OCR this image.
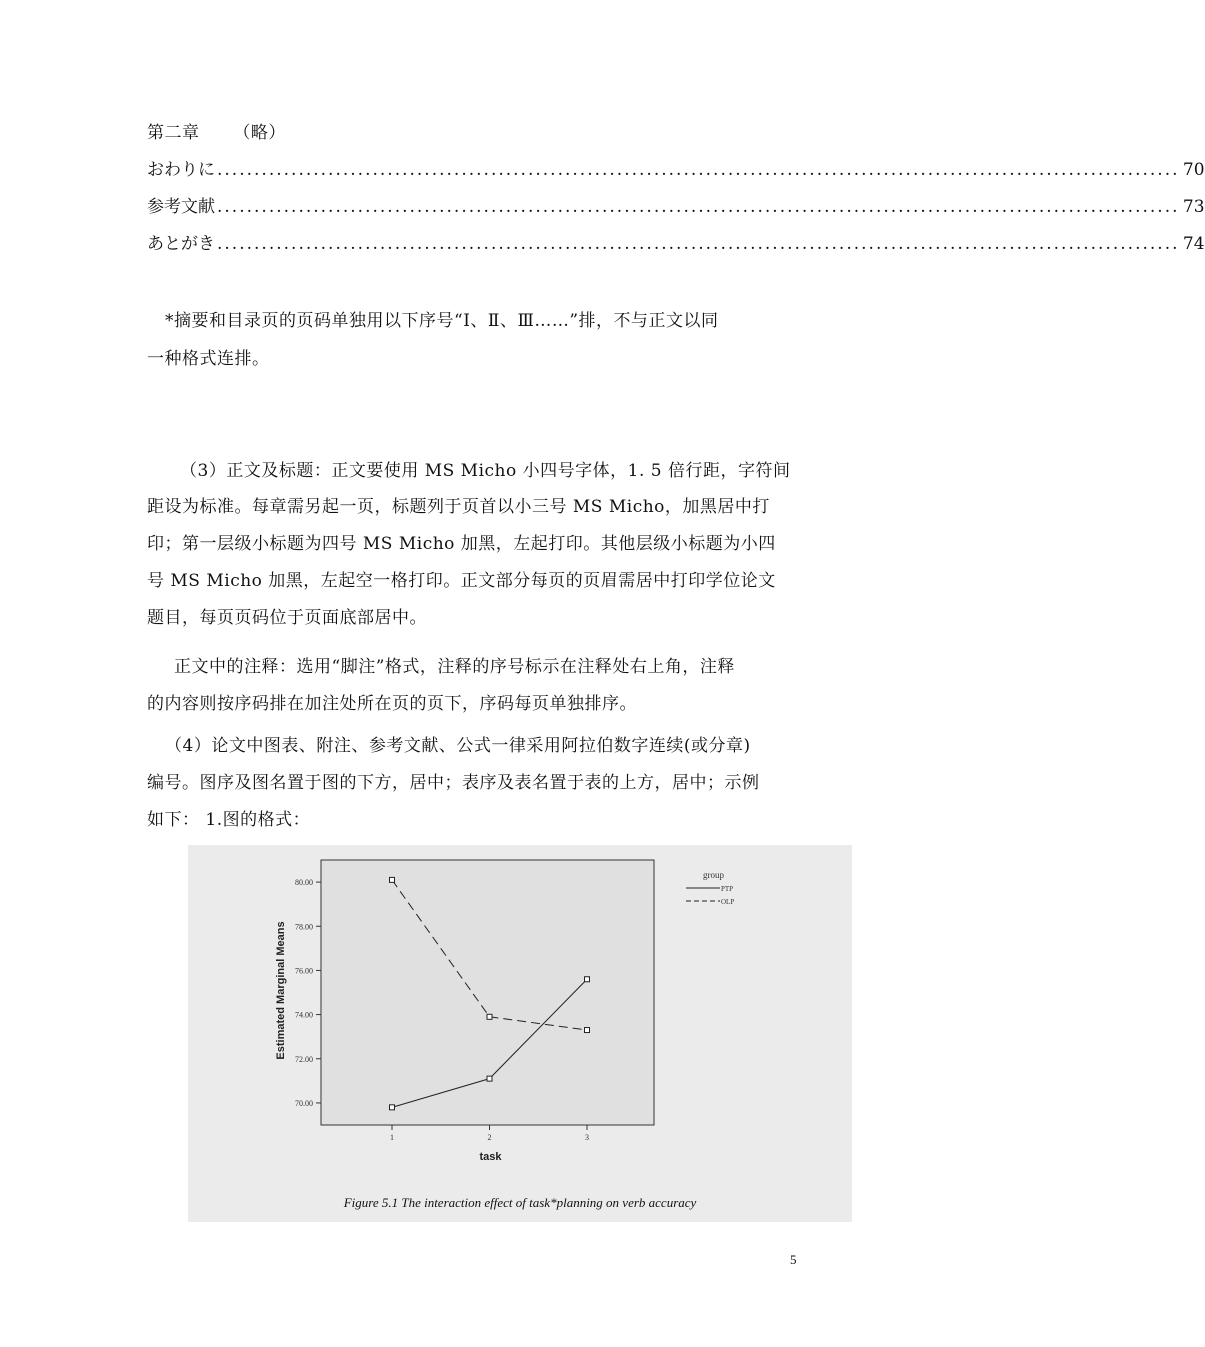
第二章 （略）
おわりに ................................................................................................................................. . 70
参考文献 ................................................................................................................................. . 73
あとがき ................................................................................................................................. . 74
*摘要和目录页的页码单独用以下序号“Ⅰ、Ⅱ、Ⅲ……”排，不与正文以同
一种格式连排。
（3）正文及标题：正文要使用 MS Micho 小四号字体，1. 5 倍行距，字符间
距设为标准。每章需另起一页，标题列于页首以小三号 MS Micho，加黑居中打
印；第一层级小标题为四号 MS Micho 加黑，左起打印。其他层级小标题为小四
号 MS Micho 加黑，左起空一格打印。正文部分每页的页眉需居中打印学位论文
题目，每页页码位于页面底部居中。
正文中的注释：选用“脚注”格式，注释的序号标示在注释处右上角，注释
的内容则按序码排在加注处所在页的页下，序码每页单独排序。
（4）论文中图表、附注、参考文献、公式一律采用阿拉伯数字连续(或分章)
编号。图序及图名置于图的下方，居中；表序及表名置于表的上方，居中；示例
如下： 1.图的格式：
70.00
72.00
74.00
76.00
78.00
80.00
1	2	3
task
Estimated Marginal Means
group
PTP
OLP
Figure 5.1 The interaction effect of task*planning on verb accuracy
5
